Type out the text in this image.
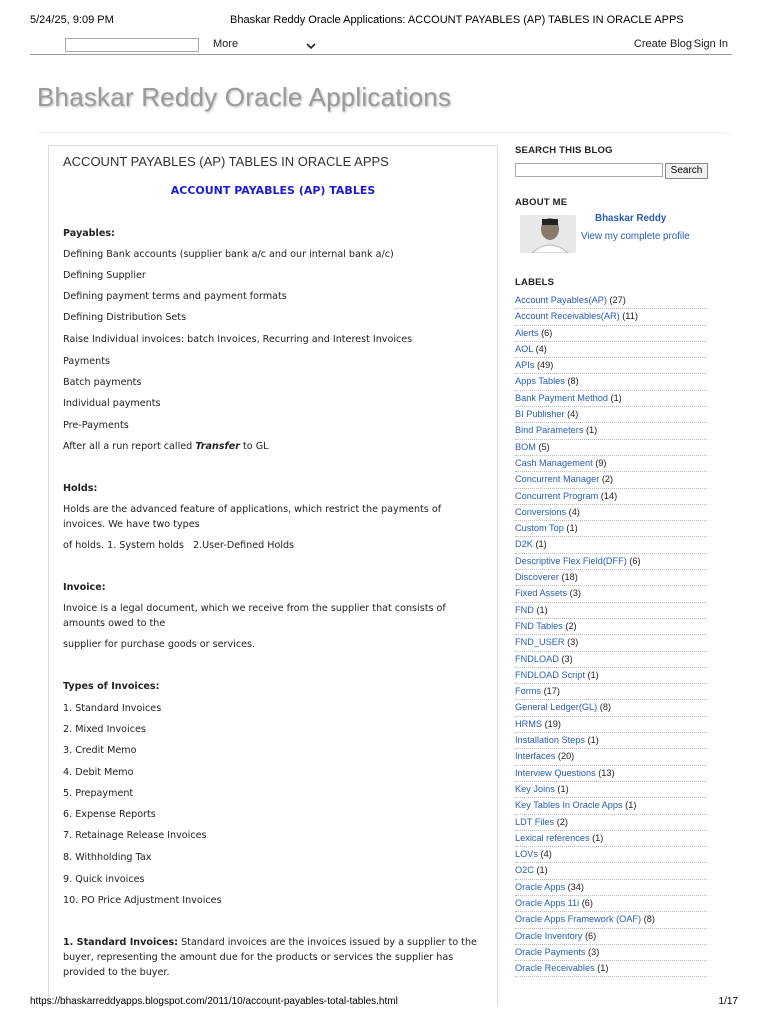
5/24/25, 9:09 PM	Bhaskar Reddy Oracle Applications: ACCOUNT PAYABLES (AP) TABLES IN ORACLE APPS
More	Create Blog Sign In
Bhaskar Reddy Oracle Applications
ACCOUNT PAYABLES (AP) TABLES IN ORACLE APPS
ACCOUNT PAYABLES (AP) TABLES
Payables:
Defining Bank accounts (supplier bank a/c and our internal bank a/c)
Defining Supplier
Defining payment terms and payment formats
Defining Distribution Sets
Raise Individual invoices: batch Invoices, Recurring and Interest Invoices
Payments
Batch payments
Individual payments
Pre-Payments
After all a run report called Transfer to GL
Holds:
Holds are the advanced feature of applications, which restrict the payments of
invoices. We have two types
of holds. 1. System holds   2.User-Defined Holds
Invoice:
Invoice is a legal document, which we receive from the supplier that consists of
amounts owed to the
supplier for purchase goods or services.
Types of Invoices:
1. Standard Invoices
2. Mixed Invoices
3. Credit Memo
4. Debit Memo
5. Prepayment
6. Expense Reports
7. Retainage Release Invoices
8. Withholding Tax
9. Quick invoices
10. PO Price Adjustment Invoices
1. Standard Invoices: Standard invoices are the invoices issued by a supplier to the
buyer, representing the amount due for the products or services the supplier has
provided to the buyer.
SEARCH THIS BLOG
Search
ABOUT ME
Bhaskar Reddy
View my complete profile
LABELS
Account Payables(AP) (27)
Account Receivables(AR) (11)
Alerts (6)
AOL (4)
APIs (49)
Apps Tables (8)
Bank Payment Method (1)
BI Publisher (4)
Bind Parameters (1)
BOM (5)
Cash Management (9)
Concurrent Manager (2)
Concurrent Program (14)
Conversions (4)
Custom Top (1)
D2K (1)
Descriptive Flex Field(DFF) (6)
Discoverer (18)
Fixed Assets (3)
FND (1)
FND Tables (2)
FND_USER (3)
FNDLOAD (3)
FNDLOAD Script (1)
Forms (17)
General Ledger(GL) (8)
HRMS (19)
Installation Steps (1)
Interfaces (20)
Interview Questions (13)
Key Joins (1)
Key Tables In Oracle Apps (1)
LDT Files (2)
Lexical references (1)
LOVs (4)
O2C (1)
Oracle Apps (34)
Oracle Apps 11i (6)
Oracle Apps Framework (OAF) (8)
Oracle Inventory (6)
Oracle Payments (3)
Oracle Receivables (1)
https://bhaskarreddyapps.blogspot.com/2011/10/account-payables-total-tables.html	1/17
